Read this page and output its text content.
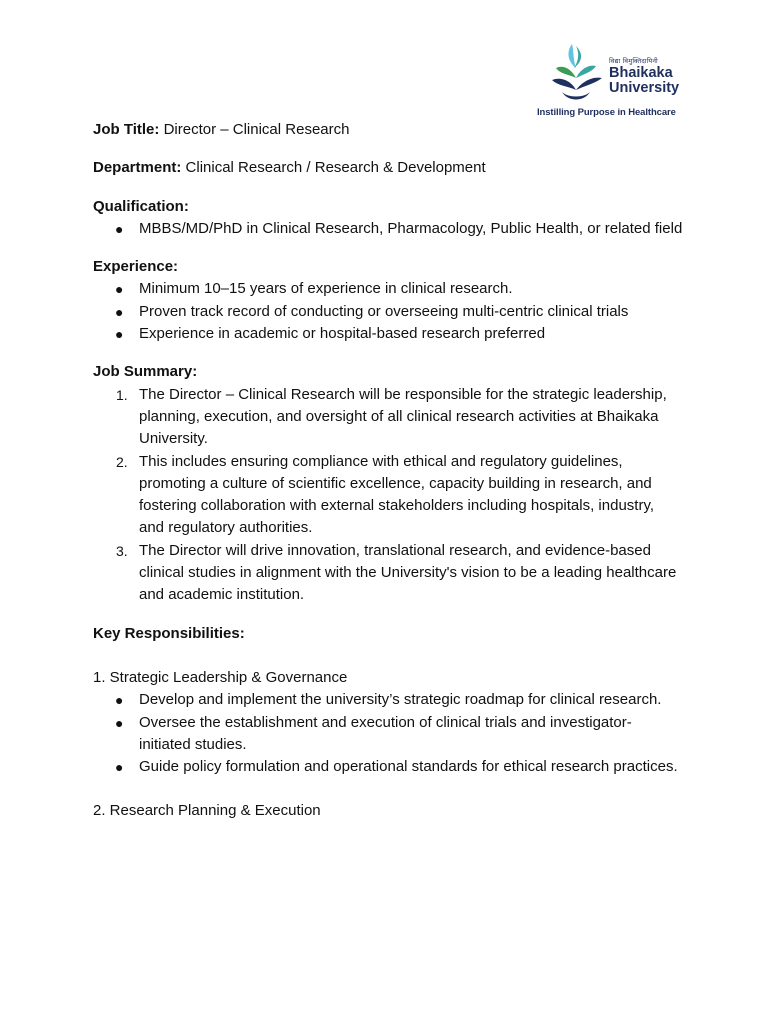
विद्या विमुक्तिदायिनी
Bhaikaka
University
Instilling Purpose in Healthcare

Job Title: Director – Clinical Research

Department: Clinical Research / Research & Development

Qualification:

●	MBBS/MD/PhD in Clinical Research, Pharmacology, Public Health, or related field

Experience:

●	Minimum 10–15 years of experience in clinical research.
●	Proven track record of conducting or overseeing multi-centric clinical trials
●	Experience in academic or hospital-based research preferred

Job Summary:

1. The Director – Clinical Research will be responsible for the strategic leadership, planning, execution, and oversight of all clinical research activities at Bhaikaka University.
2. This includes ensuring compliance with ethical and regulatory guidelines, promoting a culture of scientific excellence, capacity building in research, and fostering collaboration with external stakeholders including hospitals, industry, and regulatory authorities.
3. The Director will drive innovation, translational research, and evidence-based clinical studies in alignment with the University's vision to be a leading healthcare and academic institution.

Key Responsibilities:

1. Strategic Leadership & Governance

●	Develop and implement the university’s strategic roadmap for clinical research.
●	Oversee the establishment and execution of clinical trials and investigator-initiated studies.
●	Guide policy formulation and operational standards for ethical research practices.

2. Research Planning & Execution
